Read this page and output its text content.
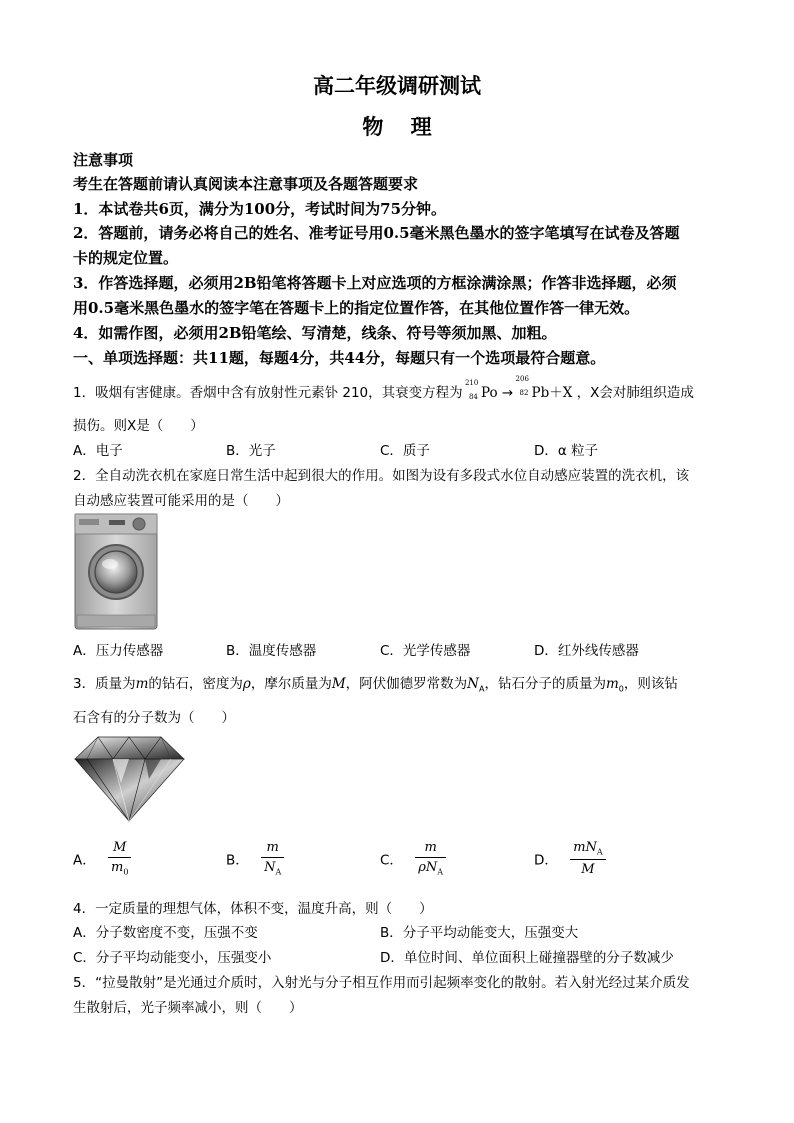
高二年级调研测试
物 理
注意事项
考生在答题前请认真阅读本注意事项及各题答题要求
1．本试卷共6页，满分为100分，考试时间为75分钟。
2．答题前，请务必将自己的姓名、准考证号用0.5毫米黑色墨水的签字笔填写在试卷及答题
卡的规定位置。
3．作答选择题，必须用2B铅笔将答题卡上对应选项的方框涂满涂黑；作答非选择题，必须
用0.5毫米黑色墨水的签字笔在答题卡上的指定位置作答，在其他位置作答一律无效。
4．如需作图，必须用2B铅笔绘、写清楚，线条、符号等须加黑、加粗。
一、单项选择题：共11题，每题4分，共44分，每题只有一个选项最符合题意。
1．吸烟有害健康。香烟中含有放射性元素钋 210，其衰变方程为
210
84 Po →
206
82 Pb＋X ，X会对肺组织造成
损伤。则X是（　　）
A．电子	B．光子	C．质子	D．α 粒子
2．全自动洗衣机在家庭日常生活中起到很大的作用。如图为设有多段式水位自动感应装置的洗衣机，该
自动感应装置可能采用的是（　　）
A．压力传感器	B．温度传感器	C．光学传感器	D．红外线传感器
3．质量为m的钻石，密度为ρ，摩尔质量为M，阿伏伽德罗常数为$N_A$，钻石分子的质量为$m_0$，则该钻
石含有的分子数为（　　）
A． $\frac{M}{m_0}$	B． $\frac{m}{N_A}$	C． $\frac{m}{\rho N_A}$	D． $\frac{mN_A}{M}$
4．一定质量的理想气体，体积不变，温度升高，则（　　）
A．分子数密度不变，压强不变	B．分子平均动能变大，压强变大
C．分子平均动能变小，压强变小	D．单位时间、单位面积上碰撞器壁的分子数减少
5．“拉曼散射”是光通过介质时，入射光与分子相互作用而引起频率变化的散射。若入射光经过某介质发
生散射后，光子频率减小，则（　　）
